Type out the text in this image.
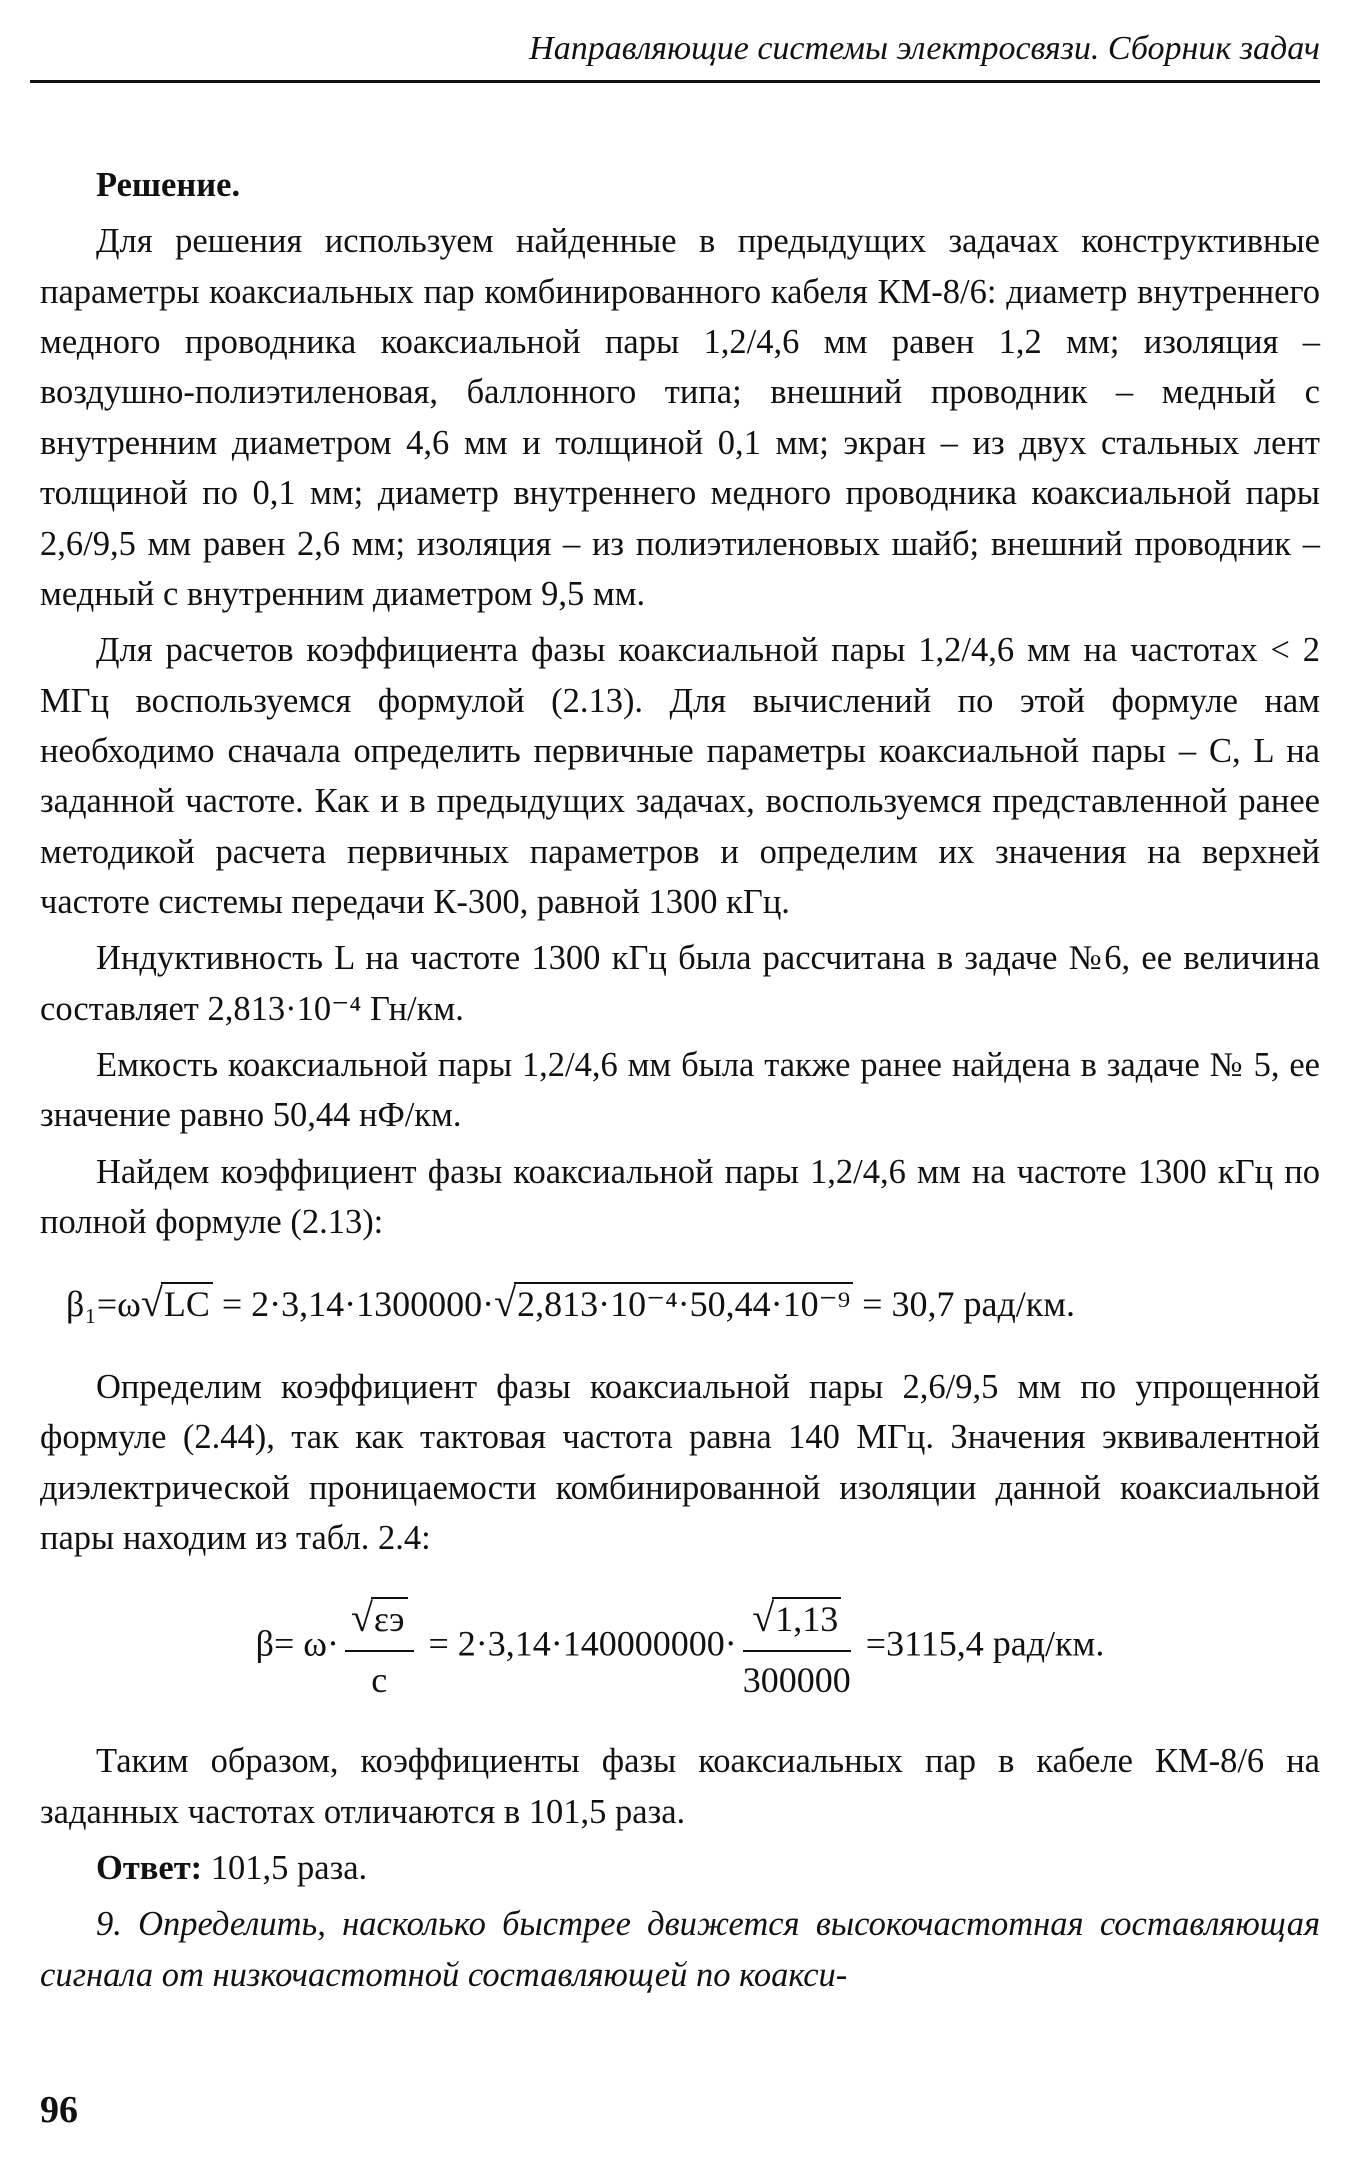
Направляющие системы электросвязи. Сборник задач

Решение.

Для решения используем найденные в предыдущих задачах конструктивные параметры коаксиальных пар комбинированного кабеля КМ-8/6: диаметр внутреннего медного проводника коаксиальной пары 1,2/4,6 мм равен 1,2 мм; изоляция – воздушно-полиэтиленовая, баллонного типа; внешний проводник – медный с внутренним диаметром 4,6 мм и толщиной 0,1 мм; экран – из двух стальных лент толщиной по 0,1 мм; диаметр внутреннего медного проводника коаксиальной пары 2,6/9,5 мм равен 2,6 мм; изоляция – из полиэтиленовых шайб; внешний проводник – медный с внутренним диаметром 9,5 мм.

Для расчетов коэффициента фазы коаксиальной пары 1,2/4,6 мм на частотах < 2 МГц воспользуемся формулой (2.13). Для вычислений по этой формуле нам необходимо сначала определить первичные параметры коаксиальной пары – С, L на заданной частоте. Как и в предыдущих задачах, воспользуемся представленной ранее методикой расчета первичных параметров и определим их значения на верхней частоте системы передачи К-300, равной 1300 кГц.

Индуктивность L на частоте 1300 кГц была рассчитана в задаче №6, ее величина составляет 2,813·10⁻⁴ Гн/км.

Емкость коаксиальной пары 1,2/4,6 мм была также ранее найдена в задаче № 5, ее значение равно 50,44 нФ/км.

Найдем коэффициент фазы коаксиальной пары 1,2/4,6 мм на частоте 1300 кГц по полной формуле (2.13):

β₁=ω√LC = 2·3,14·1300000·√2,813·10⁻⁴·50,44·10⁻⁹ = 30,7 рад/км.

Определим коэффициент фазы коаксиальной пары 2,6/9,5 мм по упрощенной формуле (2.44), так как тактовая частота равна 140 МГц. Значения эквивалентной диэлектрической проницаемости комбинированной изоляции данной коаксиальной пары находим из табл. 2.4:

$\beta= \omega\cdot \frac{√\varepsilon э}{c} = 2\cdot 3,14\cdot 140000000\cdot \frac{√1,13}{300000} =3115,4$ рад/км.

Таким образом, коэффициенты фазы коаксиальных пар в кабеле КМ-8/6 на заданных частотах отличаются в 101,5 раза.

Ответ: 101,5 раза.

9. Определить, насколько быстрее движется высокочастотная составляющая сигнала от низкочастотной составляющей по коакси-

96
